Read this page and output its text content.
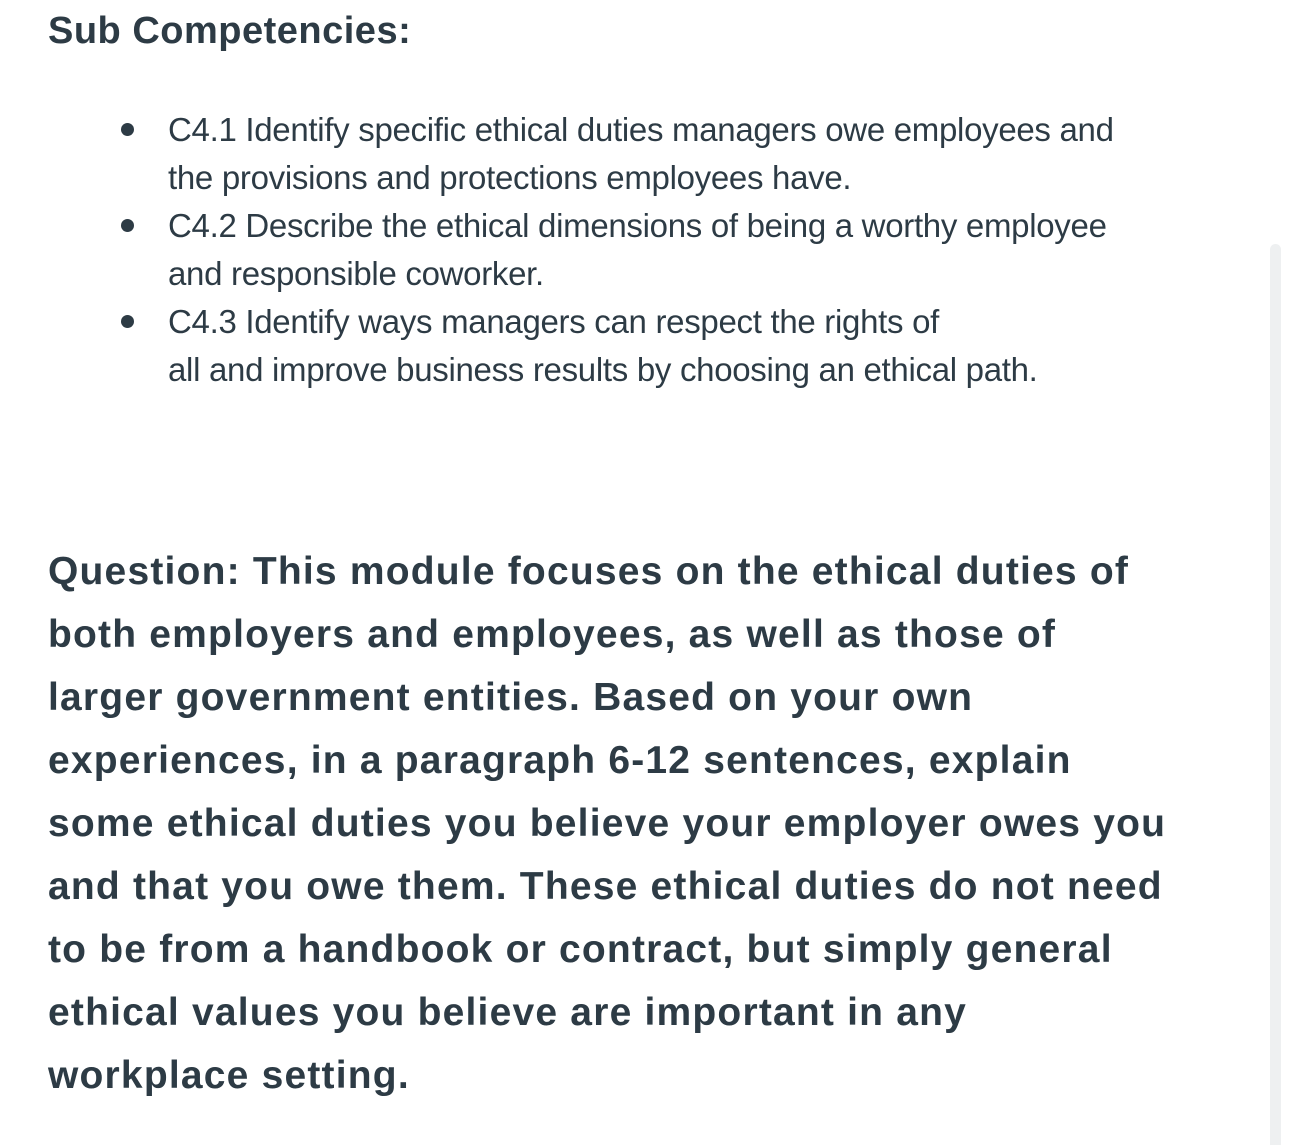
Sub Competencies:
C4.1 Identify specific ethical duties managers owe employees and
the provisions and protections employees have.
C4.2 Describe the ethical dimensions of being a worthy employee
and responsible coworker.
C4.3 Identify ways managers can respect the rights of
all and improve business results by choosing an ethical path.

Question: This module focuses on the ethical duties of
both employers and employees, as well as those of
larger government entities. Based on your own
experiences, in a paragraph 6-12 sentences, explain
some ethical duties you believe your employer owes you
and that you owe them. These ethical duties do not need
to be from a handbook or contract, but simply general
ethical values you believe are important in any
workplace setting.
